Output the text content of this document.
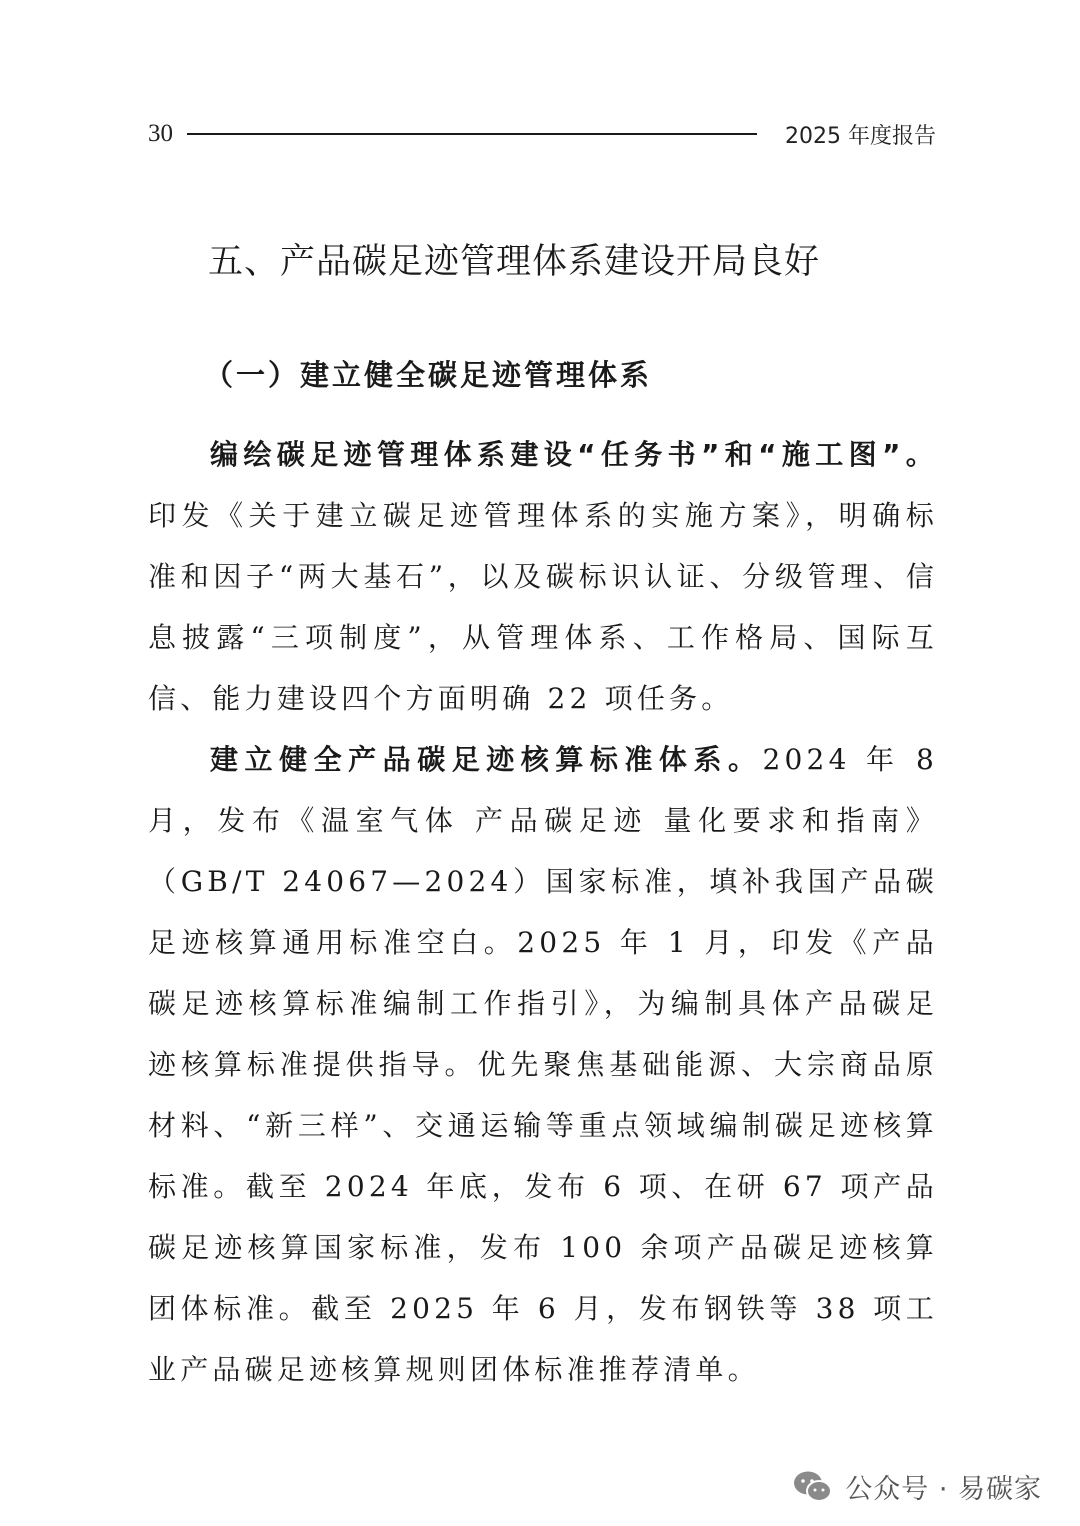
30	2025 年度报告
五、产品碳足迹管理体系建设开局良好
（一）建立健全碳足迹管理体系

编绘碳足迹管理体系建设“任务书”和“施工图”。印发《关于建立碳足迹管理体系的实施方案》，明确标准和因子“两大基石”，以及碳标识认证、分级管理、信息披露“三项制度”，从管理体系、工作格局、国际互信、能力建设四个方面明确 22 项任务。

建立健全产品碳足迹核算标准体系。2024 年 8 月，发布《温室气体 产品碳足迹 量化要求和指南》（GB/T 24067—2024）国家标准，填补我国产品碳足迹核算通用标准空白。2025 年 1 月，印发《产品碳足迹核算标准编制工作指引》，为编制具体产品碳足迹核算标准提供指导。优先聚焦基础能源、大宗商品原材料、“新三样”、交通运输等重点领域编制碳足迹核算标准。截至 2024 年底，发布 6 项、在研 67 项产品碳足迹核算国家标准，发布 100 余项产品碳足迹核算团体标准。截至 2025 年 6 月，发布钢铁等 38 项工业产品碳足迹核算规则团体标准推荐清单。

公众号 · 易碳家
